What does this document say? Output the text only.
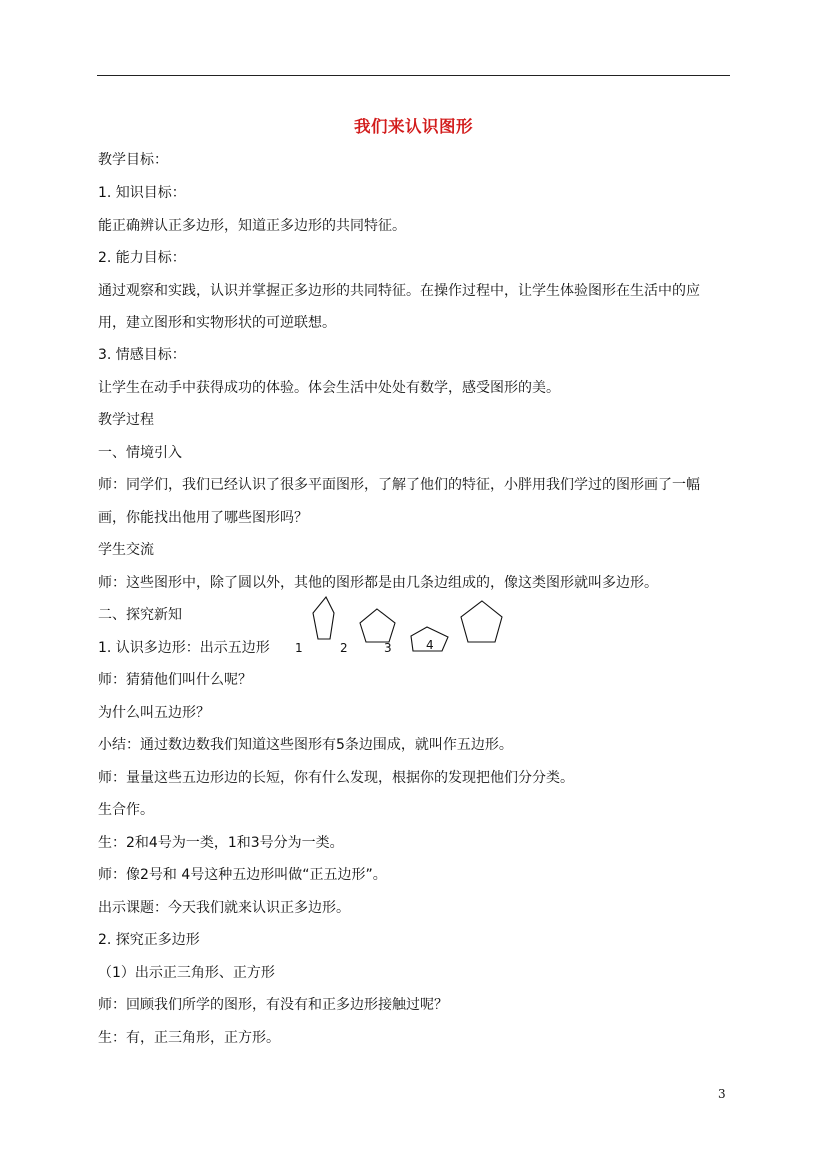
我们来认识图形
教学目标：
1. 知识目标：
能正确辨认正多边形，知道正多边形的共同特征。
2. 能力目标：
通过观察和实践，认识并掌握正多边形的共同特征。在操作过程中，让学生体验图形在生活中的应
用，建立图形和实物形状的可逆联想。
3. 情感目标：
让学生在动手中获得成功的体验。体会生活中处处有数学，感受图形的美。
教学过程
一、情境引入
师：同学们，我们已经认识了很多平面图形，了解了他们的特征，小胖用我们学过的图形画了一幅
画，你能找出他用了哪些图形吗？
学生交流
师：这些图形中，除了圆以外，其他的图形都是由几条边组成的，像这类图形就叫多边形。
二、探究新知
1. 认识多边形：出示五边形
师：猜猜他们叫什么呢？
为什么叫五边形？
小结：通过数边数我们知道这些图形有5条边围成，就叫作五边形。
师：量量这些五边形边的长短，你有什么发现，根据你的发现把他们分分类。
生合作。
生：2和4号为一类，1和3号分为一类。
师：像2号和 4号这种五边形叫做“正五边形”。
出示课题：今天我们就来认识正多边形。
2. 探究正多边形
（1）出示正三角形、正方形
师：回顾我们所学的图形，有没有和正多边形接触过呢？
生：有，正三角形，正方形。
1	2	3	4
3
